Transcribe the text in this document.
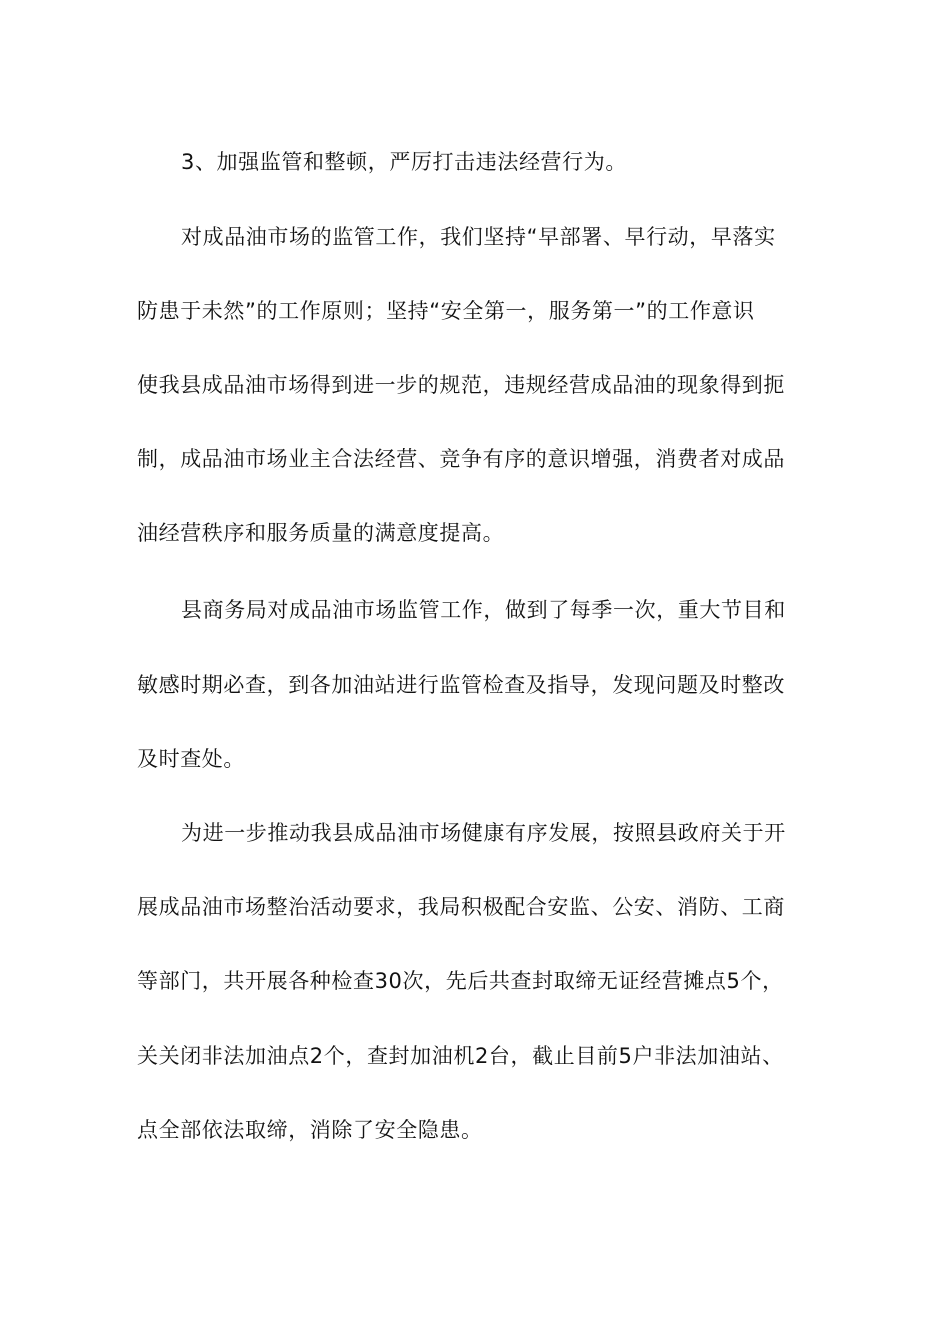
3、加强监管和整顿，严厉打击违法经营行为。

对成品油市场的监管工作，我们坚持“早部署、早行动，早落实

防患于未然”的工作原则；坚持“安全第一，服务第一”的工作意识

使我县成品油市场得到进一步的规范，违规经营成品油的现象得到扼

制，成品油市场业主合法经营、竞争有序的意识增强，消费者对成品

油经营秩序和服务质量的满意度提高。

县商务局对成品油市场监管工作，做到了每季一次，重大节目和

敏感时期必查，到各加油站进行监管检查及指导，发现问题及时整改

及时查处。

为进一步推动我县成品油市场健康有序发展，按照县政府关于开

展成品油市场整治活动要求，我局积极配合安监、公安、消防、工商

等部门，共开展各种检查30次，先后共查封取缔无证经营摊点5个，

关关闭非法加油点2个，查封加油机2台，截止目前5户非法加油站、

点全部依法取缔，消除了安全隐患。
